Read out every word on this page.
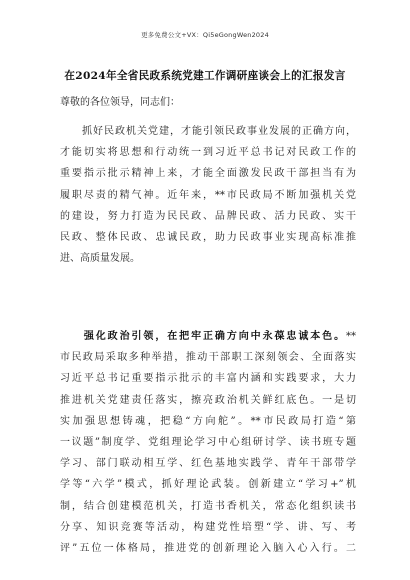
更多免费公文+VX：Qi5eGongWen2024
在2024年全省民政系统党建工作调研座谈会上的汇报发言
尊敬的各位领导，同志们：
　　抓好民政机关党建，才能引领民政事业发展的正确方向，
才能切实将思想和行动统一到习近平总书记对民政工作的
重要指示批示精神上来，才能全面激发民政干部担当有为
履职尽责的精气神。近年来，**市民政局不断加强机关党
的建设，努力打造为民民政、品牌民政、活力民政、实干
民政、整体民政、忠诚民政，助力民政事业实现高标准推
进、高质量发展。
　　强化政治引领，在把牢正确方向中永葆忠诚本色。**
市民政局采取多种举措，推动干部职工深刻领会、全面落实
习近平总书记重要指示批示的丰富内涵和实践要求，大力
推进机关党建责任落实，擦亮政治机关鲜红底色。一是切
实加强思想铸魂，把稳“方向舵”。**市民政局打造“第
一议题”制度学、党组理论学习中心组研讨学、读书班专题
学习、部门联动相互学、红色基地实践学、青年干部带学
学等“六学”模式，抓好理论武装。创新建立“学习+”机
制，结合创建模范机关，打造书香机关，常态化组织读书
分享、知识竞赛等活动，构建党性培塑“学、讲、写、考
评”五位一体格局，推进党的创新理论入脑入心入行。二
